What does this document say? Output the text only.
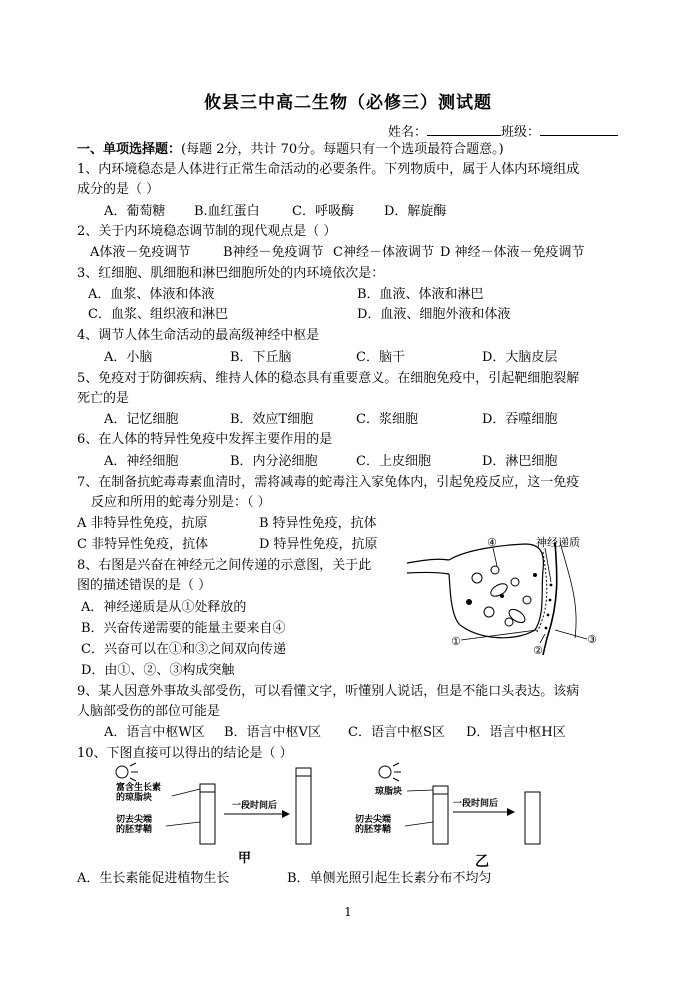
攸县三中高二生物（必修三）测试题
姓名：	班级：
一、单项选择题：(每题 2分，共计 70分。每题只有一个选项最符合题意。)
1、内环境稳态是人体进行正常生命活动的必要条件。下列物质中，属于人体内环境组成
成分的是（ ）
A．葡萄糖 B.血红蛋白 C．呼吸酶 D．解旋酶
2、关于内环境稳态调节制的现代观点是（ ）
A体液－免疫调节	B神经－免疫调节 C神经－体液调节 D 神经－体液－免疫调节
3、红细胞、肌细胞和淋巴细胞所处的内环境依次是：
A．血浆、体液和体液	B．血液、体液和淋巴
C．血浆、组织液和淋巴	D．血液、细胞外液和体液
4、调节人体生命活动的最高级神经中枢是
A．小脑	B．下丘脑	C．脑干	D．大脑皮层
5、免疫对于防御疾病、维持人体的稳态具有重要意义。在细胞免疫中，引起靶细胞裂解
死亡的是
A．记忆细胞	B．效应T细胞	C．浆细胞	D．吞噬细胞
6、在人体的特异性免疫中发挥主要作用的是
A．神经细胞	B．内分泌细胞	C．上皮细胞	D．淋巴细胞
7、在制备抗蛇毒毒素血清时，需将减毒的蛇毒注入家兔体内，引起免疫反应，这一免疫
反应和所用的蛇毒分别是：（ ）
A 非特异性免疫，抗原	B 特异性免疫，抗体
C 非特异性免疫，抗体	D 特异性免疫，抗原
8、右图是兴奋在神经元之间传递的示意图，关于此
图的描述错误的是（ ）
A．神经递质是从①处释放的
B．兴奋传递需要的能量主要来自④
C．兴奋可以在①和③之间双向传递
D．由①、②、③构成突触
神经递质
④
①
②
③
9、某人因意外事故头部受伤，可以看懂文字，听懂别人说话，但是不能口头表达。该病
人脑部受伤的部位可能是
A．语言中枢W区 B．语言中枢V区 C．语言中枢S区 D．语言中枢H区
10、下图直接可以得出的结论是（ ）
富含生长素
的琼脂块
切去尖端
的胚芽鞘
一段时间后
甲
琼脂块
切去尖端
的胚芽鞘
一段时间后
乙
A．生长素能促进植物生长	B．单侧光照引起生长素分布不均匀
1
